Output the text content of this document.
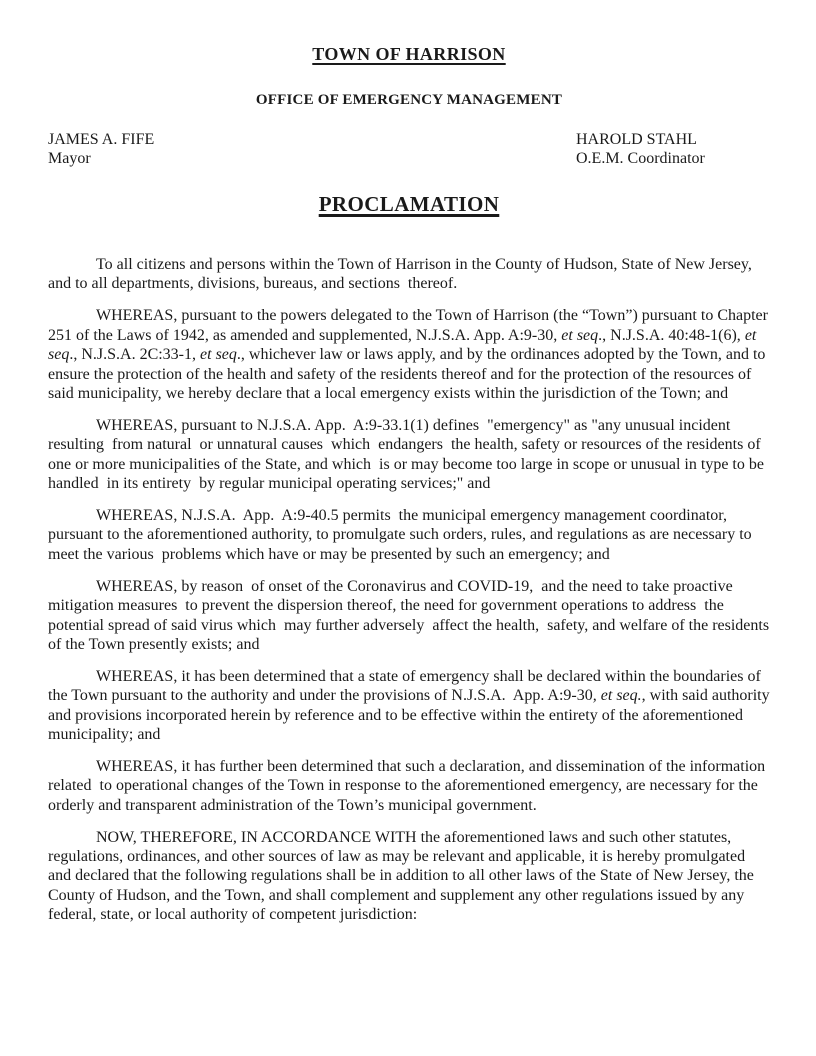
TOWN OF HARRISON
OFFICE OF EMERGENCY MANAGEMENT
JAMES A. FIFE
Mayor
HAROLD STAHL
O.E.M. Coordinator
PROCLAMATION

To all citizens and persons within the Town of Harrison in the County of Hudson, State of New Jersey, and to all departments, divisions, bureaus, and sections  thereof.

WHEREAS, pursuant to the powers delegated to the Town of Harrison (the “Town”) pursuant to Chapter 251 of the Laws of 1942, as amended and supplemented, N.J.S.A. App. A:9-30, et seq., N.J.S.A. 40:48-1(6), et seq., N.J.S.A. 2C:33-1, et seq., whichever law or laws apply, and by the ordinances adopted by the Town, and to ensure the protection of the health and safety of the residents thereof and for the protection of the resources of said municipality, we hereby declare that a local emergency exists within the jurisdiction of the Town; and

WHEREAS, pursuant to N.J.S.A. App.  A:9-33.1(1) defines  "emergency" as "any unusual incident resulting  from natural  or unnatural causes  which  endangers  the health, safety or resources of the residents of one or more municipalities of the State, and which  is or may become too large in scope or unusual in type to be handled  in its entirety  by regular municipal operating services;" and

WHEREAS, N.J.S.A.  App.  A:9-40.5 permits  the municipal emergency management coordinator, pursuant to the aforementioned authority, to promulgate such orders, rules, and regulations as are necessary to meet the various  problems which have or may be presented by such an emergency; and

WHEREAS, by reason  of onset of the Coronavirus and COVID-19,  and the need to take proactive mitigation measures  to prevent the dispersion thereof, the need for government operations to address  the potential spread of said virus which  may further adversely  affect the health,  safety, and welfare of the residents  of the Town presently exists; and

WHEREAS, it has been determined that a state of emergency shall be declared within the boundaries of the Town pursuant to the authority and under the provisions of N.J.S.A.  App. A:9-30, et seq., with said authority and provisions incorporated herein by reference and to be effective within the entirety of the aforementioned municipality; and

WHEREAS, it has further been determined that such a declaration, and dissemination of the information related  to operational changes of the Town in response to the aforementioned emergency, are necessary for the orderly and transparent administration of the Town’s municipal government.

NOW, THEREFORE, IN ACCORDANCE WITH the aforementioned laws and such other statutes, regulations, ordinances, and other sources of law as may be relevant and applicable, it is hereby promulgated and declared that the following regulations shall be in addition to all other laws of the State of New Jersey, the County of Hudson, and the Town, and shall complement and supplement any other regulations issued by any federal, state, or local authority of competent jurisdiction:
